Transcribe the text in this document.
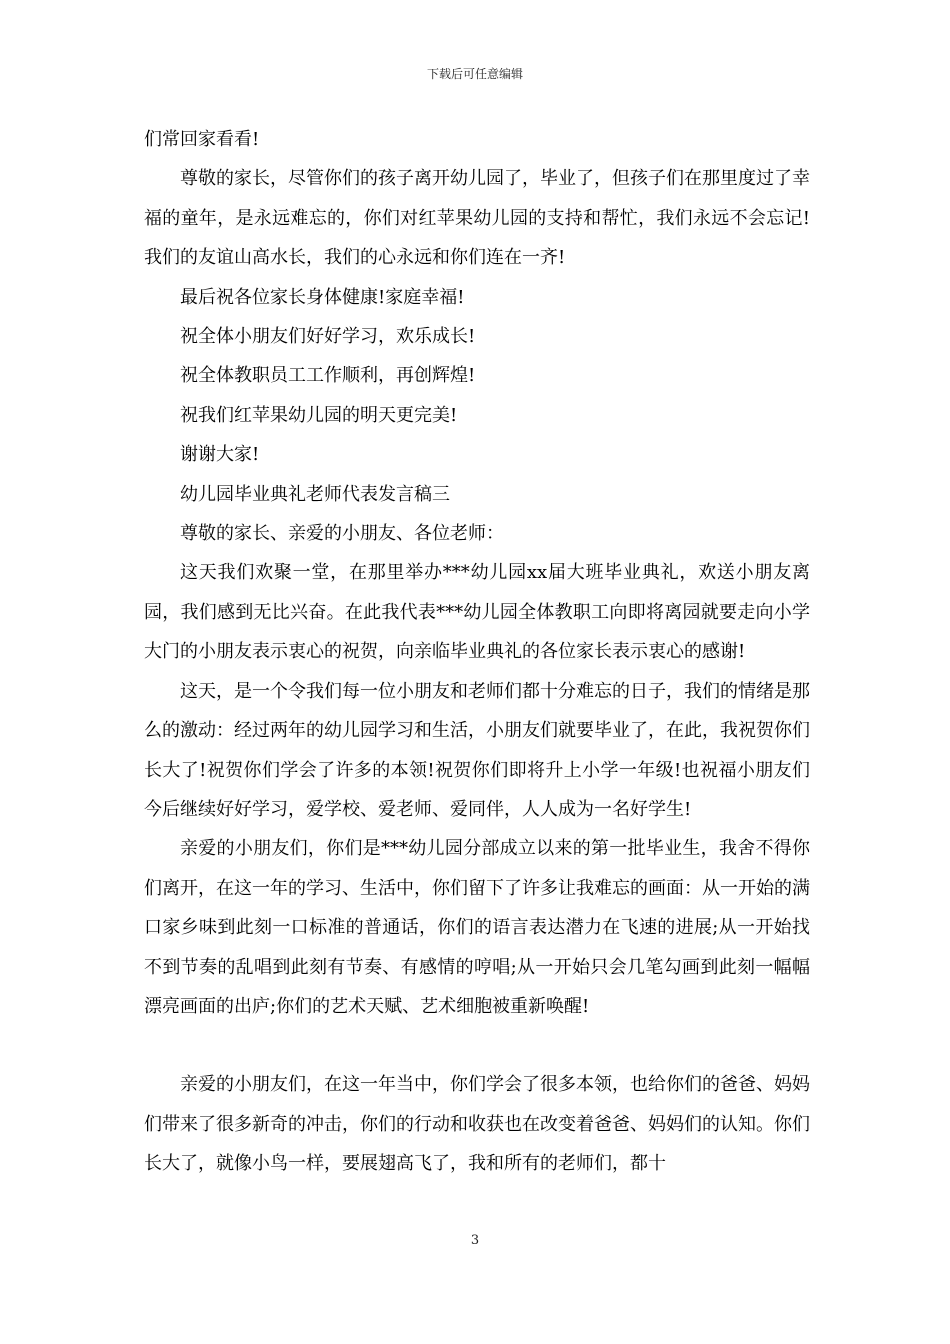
下载后可任意编辑

们常回家看看!

尊敬的家长，尽管你们的孩子离开幼儿园了，毕业了，但孩子们在那里度过了幸福的童年，是永远难忘的，你们对红苹果幼儿园的支持和帮忙，我们永远不会忘记!我们的友谊山高水长，我们的心永远和你们连在一齐!

最后祝各位家长身体健康!家庭幸福!

祝全体小朋友们好好学习，欢乐成长!

祝全体教职员工工作顺利，再创辉煌!

祝我们红苹果幼儿园的明天更完美!

谢谢大家!

幼儿园毕业典礼老师代表发言稿三

尊敬的家长、亲爱的小朋友、各位老师：

这天我们欢聚一堂，在那里举办***幼儿园xx届大班毕业典礼，欢送小朋友离园，我们感到无比兴奋。在此我代表***幼儿园全体教职工向即将离园就要走向小学大门的小朋友表示衷心的祝贺，向亲临毕业典礼的各位家长表示衷心的感谢!

这天，是一个令我们每一位小朋友和老师们都十分难忘的日子，我们的情绪是那么的激动：经过两年的幼儿园学习和生活，小朋友们就要毕业了，在此，我祝贺你们长大了!祝贺你们学会了许多的本领!祝贺你们即将升上小学一年级!也祝福小朋友们今后继续好好学习，爱学校、爱老师、爱同伴，人人成为一名好学生!

亲爱的小朋友们，你们是***幼儿园分部成立以来的第一批毕业生，我舍不得你们离开，在这一年的学习、生活中，你们留下了许多让我难忘的画面：从一开始的满口家乡味到此刻一口标准的普通话，你们的语言表达潜力在飞速的进展;从一开始找不到节奏的乱唱到此刻有节奏、有感情的哼唱;从一开始只会几笔勾画到此刻一幅幅漂亮画面的出庐;你们的艺术天赋、艺术细胞被重新唤醒!

亲爱的小朋友们，在这一年当中，你们学会了很多本领，也给你们的爸爸、妈妈们带来了很多新奇的冲击，你们的行动和收获也在改变着爸爸、妈妈们的认知。你们长大了，就像小鸟一样，要展翅高飞了，我和所有的老师们，都十

3
